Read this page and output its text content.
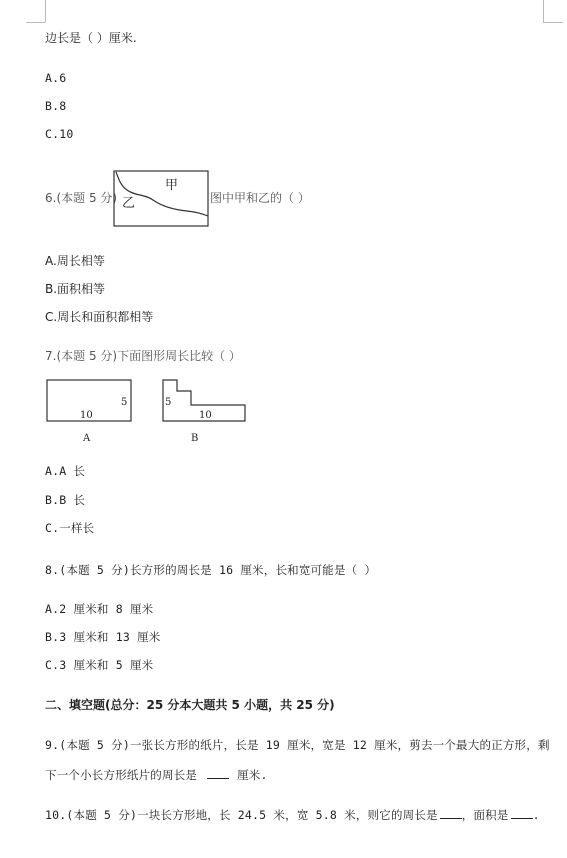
边长是（ ）厘米.
A.6
B.8
C.10
6.(本题 5 分)
甲
乙	图中甲和乙的（ ）
A.周长相等
B.面积相等
C.周长和面积都相等
7.(本题 5 分)下面图形周长比较（ ）
5
10
A
5
10
B
A.A 长
B.B 长
C.一样长
8.(本题 5 分)长方形的周长是 16 厘米，长和宽可能是（ ）
A.2 厘米和 8 厘米
B.3 厘米和 13 厘米
C.3 厘米和 5 厘米
二、填空题(总分：25 分本大题共 5 小题，共 25 分)
9.(本题 5 分)一张长方形的纸片，长是 19 厘米，宽是 12 厘米，剪去一个最大的正方形，剩
下一个小长方形纸片的周长是	厘米.
10.(本题 5 分)一块长方形地，长 24.5 米，宽 5.8 米，则它的周长是 ，面积是 .
